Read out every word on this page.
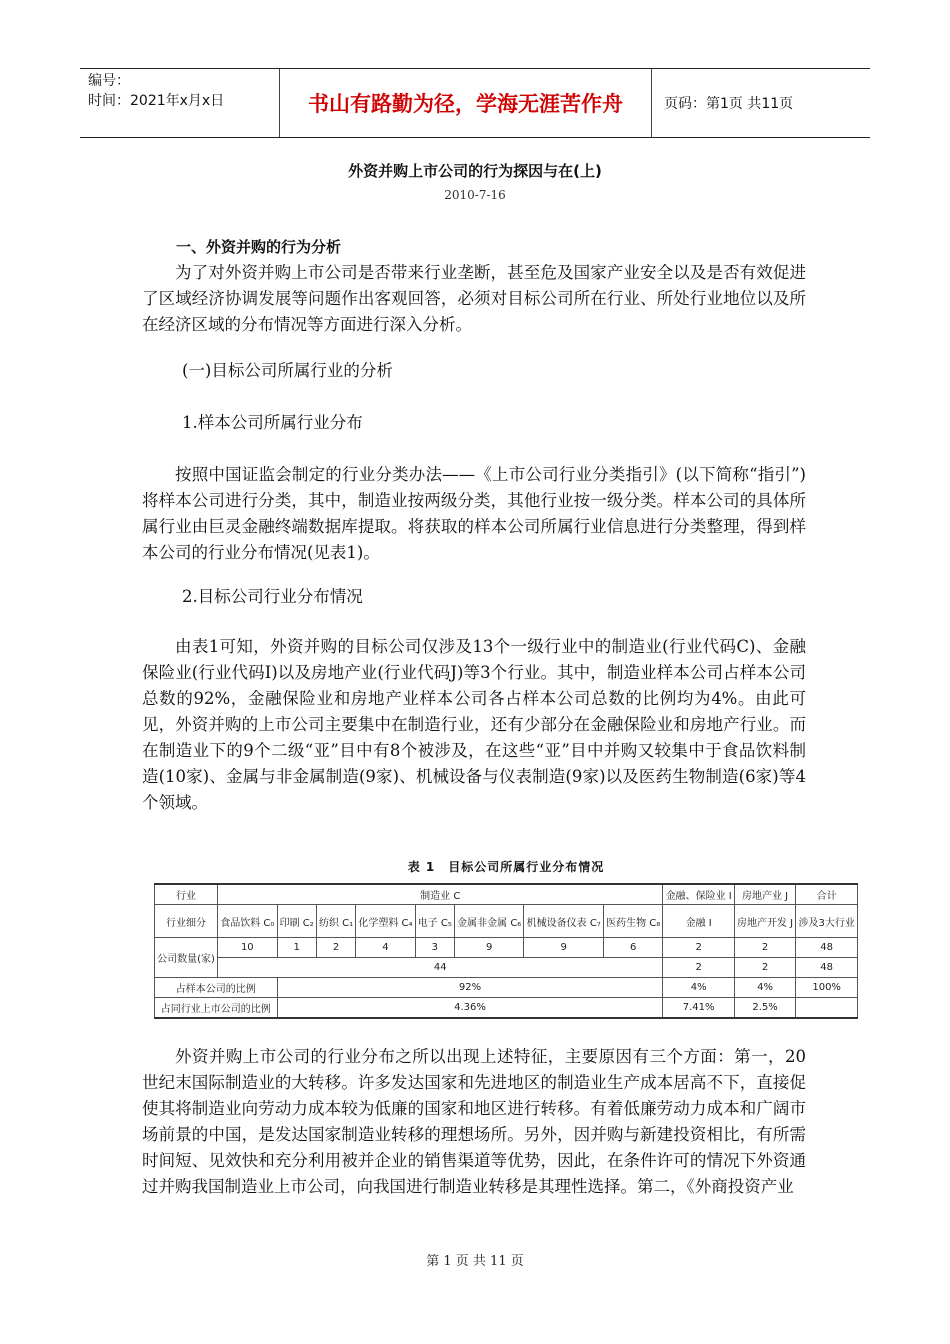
编号：
时间：2021年x月x日	书山有路勤为径，学海无涯苦作舟	页码：第1页 共11页
外资并购上市公司的行为探因与在(上)
2010-7-16
一、外资并购的行为分析

为了对外资并购上市公司是否带来行业垄断，甚至危及国家产业安全以及是否有效促进了区域经济协调发展等问题作出客观回答，必须对目标公司所在行业、所处行业地位以及所在经济区域的分布情况等方面进行深入分析。

(一)目标公司所属行业的分析
1.样本公司所属行业分布

按照中国证监会制定的行业分类办法——《上市公司行业分类指引》(以下简称“指引”)将样本公司进行分类，其中，制造业按两级分类，其他行业按一级分类。样本公司的具体所属行业由巨灵金融终端数据库提取。将获取的样本公司所属行业信息进行分类整理，得到样本公司的行业分布情况(见表1)。

2.目标公司行业分布情况

由表1可知，外资并购的目标公司仅涉及13个一级行业中的制造业(行业代码C)、金融保险业(行业代码I)以及房地产业(行业代码J)等3个行业。其中，制造业样本公司占样本公司总数的92%，金融保险业和房地产业样本公司各占样本公司总数的比例均为4%。由此可见，外资并购的上市公司主要集中在制造行业，还有少部分在金融保险业和房地产行业。而在制造业下的9个二级“亚”目中有8个被涉及，在这些“亚”目中并购又较集中于食品饮料制造(10家)、金属与非金属制造(9家)、机械设备与仪表制造(9家)以及医药生物制造(6家)等4个领域。

表 1　目标公司所属行业分布情况
行业	制造业 C								金融、保险业 I	房地产业 J	合计
行业细分	食品饮料 C₀	印刷 C₂	纺织 C₁	化学塑料 C₄	电子 C₅	金属非金属 C₆	机械设备仪表 C₇	医药生物 C₈	金融 I	房地产开发 J	涉及3大行业
公司数量(家)	10	1	2	4	3	9	9	6	2	2	48
	44								2	2	48
占样本公司的比例		92%							4%	4%	100%
占同行业上市公司的比例		4.36%							7.41%	2.5%	

外资并购上市公司的行业分布之所以出现上述特征，主要原因有三个方面：第一，20世纪末国际制造业的大转移。许多发达国家和先进地区的制造业生产成本居高不下，直接促使其将制造业向劳动力成本较为低廉的国家和地区进行转移。有着低廉劳动力成本和广阔市场前景的中国，是发达国家制造业转移的理想场所。另外，因并购与新建投资相比，有所需时间短、见效快和充分利用被并企业的销售渠道等优势，因此，在条件许可的情况下外资通过并购我国制造业上市公司，向我国进行制造业转移是其理性选择。第二，《外商投资产业

第 1 页 共 11 页
